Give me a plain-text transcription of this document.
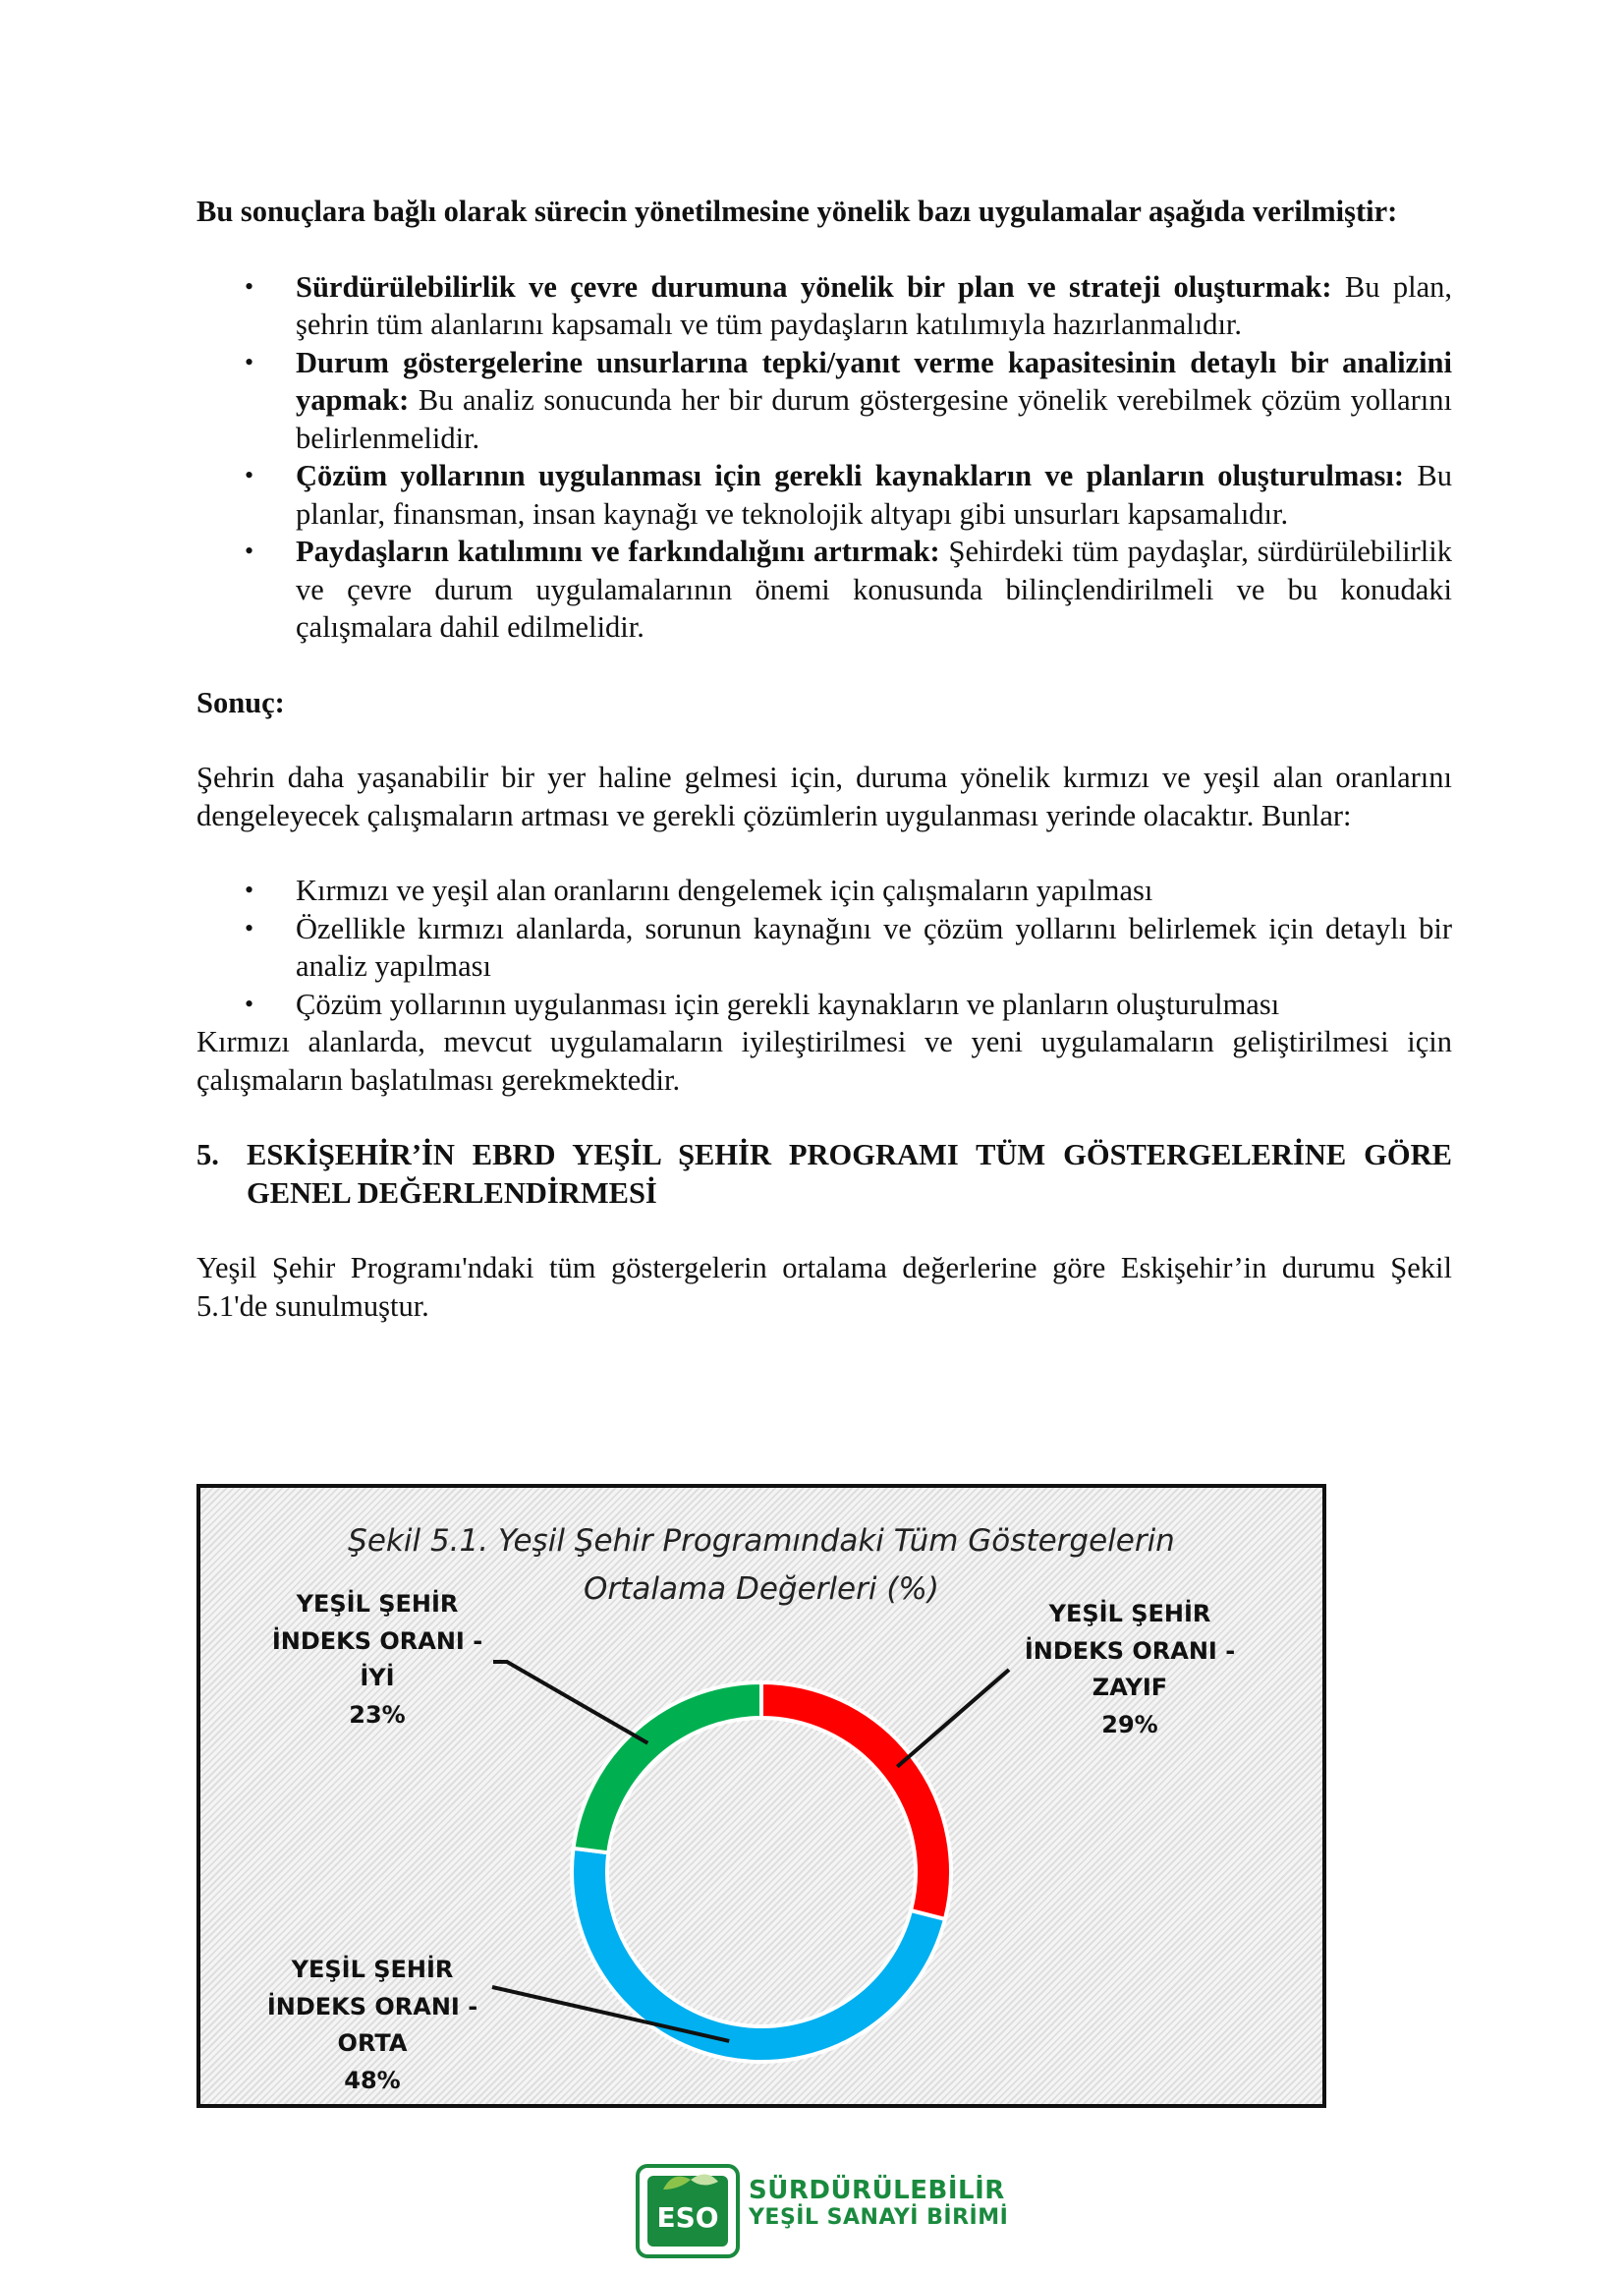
Bu sonuçlara bağlı olarak sürecin yönetilmesine yönelik bazı uygulamalar aşağıda verilmiştir:

• Sürdürülebilirlik ve çevre durumuna yönelik bir plan ve strateji oluşturmak: Bu plan, şehrin tüm alanlarını kapsamalı ve tüm paydaşların katılımıyla hazırlanmalıdır.
• Durum göstergelerine unsurlarına tepki/yanıt verme kapasitesinin detaylı bir analizini yapmak: Bu analiz sonucunda her bir durum göstergesine yönelik verebilmek çözüm yollarını belirlenmelidir.
• Çözüm yollarının uygulanması için gerekli kaynakların ve planların oluşturulması: Bu planlar, finansman, insan kaynağı ve teknolojik altyapı gibi unsurları kapsamalıdır.
• Paydaşların katılımını ve farkındalığını artırmak: Şehirdeki tüm paydaşlar, sürdürülebilirlik ve çevre durum uygulamalarının önemi konusunda bilinçlendirilmeli ve bu konudaki çalışmalara dahil edilmelidir.

Sonuç:

Şehrin daha yaşanabilir bir yer haline gelmesi için, duruma yönelik kırmızı ve yeşil alan oranlarını dengeleyecek çalışmaların artması ve gerekli çözümlerin uygulanması yerinde olacaktır. Bunlar:

• Kırmızı ve yeşil alan oranlarını dengelemek için çalışmaların yapılması
• Özellikle kırmızı alanlarda, sorunun kaynağını ve çözüm yollarını belirlemek için detaylı bir analiz yapılması
• Çözüm yollarının uygulanması için gerekli kaynakların ve planların oluşturulması

Kırmızı alanlarda, mevcut uygulamaların iyileştirilmesi ve yeni uygulamaların geliştirilmesi için çalışmaların başlatılması gerekmektedir.

5. ESKİŞEHİR’İN EBRD YEŞİL ŞEHİR PROGRAMI TÜM GÖSTERGELERİNE GÖRE GENEL DEĞERLENDİRMESİ

Yeşil Şehir Programı'ndaki tüm göstergelerin ortalama değerlerine göre Eskişehir’in durumu Şekil 5.1'de sunulmuştur.

Şekil 5.1. Yeşil Şehir Programındaki Tüm Göstergelerin
Ortalama Değerleri (%)
YEŞİL ŞEHİR
İNDEKS ORANI -
ZAYIF
29%
YEŞİL ŞEHİR
İNDEKS ORANI -
ORTA
48%
YEŞİL ŞEHİR
İNDEKS ORANI -
İYİ
23%
ESO
SÜRDÜRÜLEBİLİR
YEŞİL SANAYİ BİRİMİ
